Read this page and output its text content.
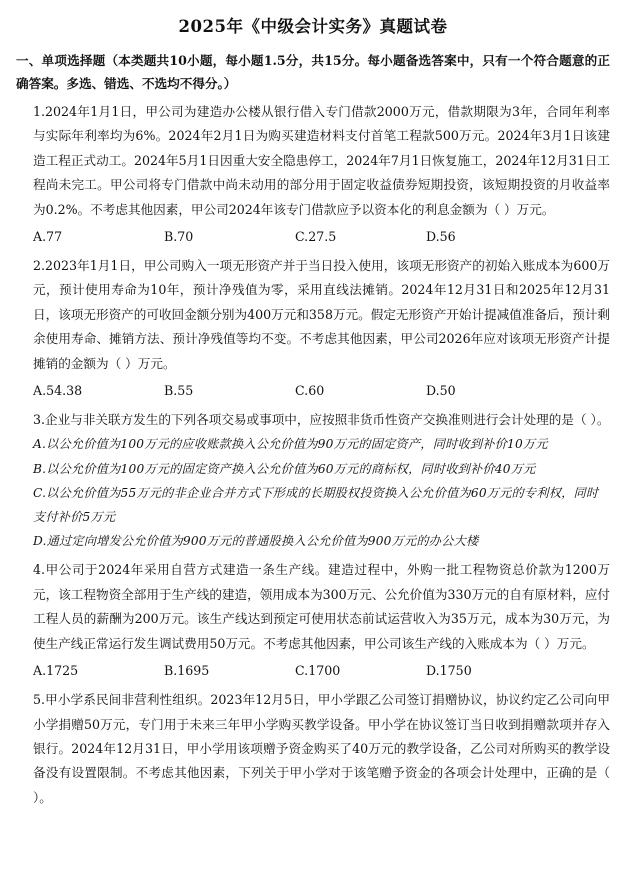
2025年《中级会计实务》真题试卷
一、单项选择题（本类题共10小题，每小题1.5分，共15分。每小题备选答案中，只有一个符合题意的正确答案。多选、错选、不选均不得分。）
1.2024年1月1日，甲公司为建造办公楼从银行借入专门借款2000万元，借款期限为3年，合同年利率与实际年利率均为6%。2024年2月1日为购买建造材料支付首笔工程款500万元。2024年3月1日该建造工程正式动工。2024年5月1日因重大安全隐患停工，2024年7月1日恢复施工，2024年12月31日工程尚未完工。甲公司将专门借款中尚未动用的部分用于固定收益债券短期投资，该短期投资的月收益率为0.2%。不考虑其他因素，甲公司2024年该专门借款应予以资本化的利息金额为（ ）万元。
A.77	B.70	C.27.5	D.56
2.2023年1月1日，甲公司购入一项无形资产并于当日投入使用，该项无形资产的初始入账成本为600万元，预计使用寿命为10年，预计净残值为零，采用直线法摊销。2024年12月31日和2025年12月31日，该项无形资产的可收回金额分别为400万元和358万元。假定无形资产开始计提减值准备后，预计剩余使用寿命、摊销方法、预计净残值等均不变。不考虑其他因素，甲公司2026年应对该项无形资产计提摊销的金额为（ ）万元。
A.54.38	B.55	C.60	D.50
3.企业与非关联方发生的下列各项交易或事项中，应按照非货币性资产交换准则进行会计处理的是（ ）。
A.以公允价值为100万元的应收账款换入公允价值为90万元的固定资产，同时收到补价10万元
B.以公允价值为100万元的固定资产换入公允价值为60万元的商标权，同时收到补价40万元
C.以公允价值为55万元的非企业合并方式下形成的长期股权投资换入公允价值为60万元的专利权，同时支付补价5万元
D.通过定向增发公允价值为900万元的普通股换入公允价值为900万元的办公大楼
4.甲公司于2024年采用自营方式建造一条生产线。建造过程中，外购一批工程物资总价款为1200万元，该工程物资全部用于生产线的建造，领用成本为300万元、公允价值为330万元的自有原材料，应付工程人员的薪酬为200万元。该生产线达到预定可使用状态前试运营收入为35万元，成本为30万元，为使生产线正常运行发生调试费用50万元。不考虑其他因素，甲公司该生产线的入账成本为（ ）万元。
A.1725	B.1695	C.1700	D.1750
5.甲小学系民间非营利性组织。2023年12月5日，甲小学跟乙公司签订捐赠协议，协议约定乙公司向甲小学捐赠50万元，专门用于未来三年甲小学购买教学设备。甲小学在协议签订当日收到捐赠款项并存入银行。2024年12月31日，甲小学用该项赠予资金购买了40万元的教学设备，乙公司对所购买的教学设备没有设置限制。不考虑其他因素，下列关于甲小学对于该笔赠予资金的各项会计处理中，正确的是（ ）。
